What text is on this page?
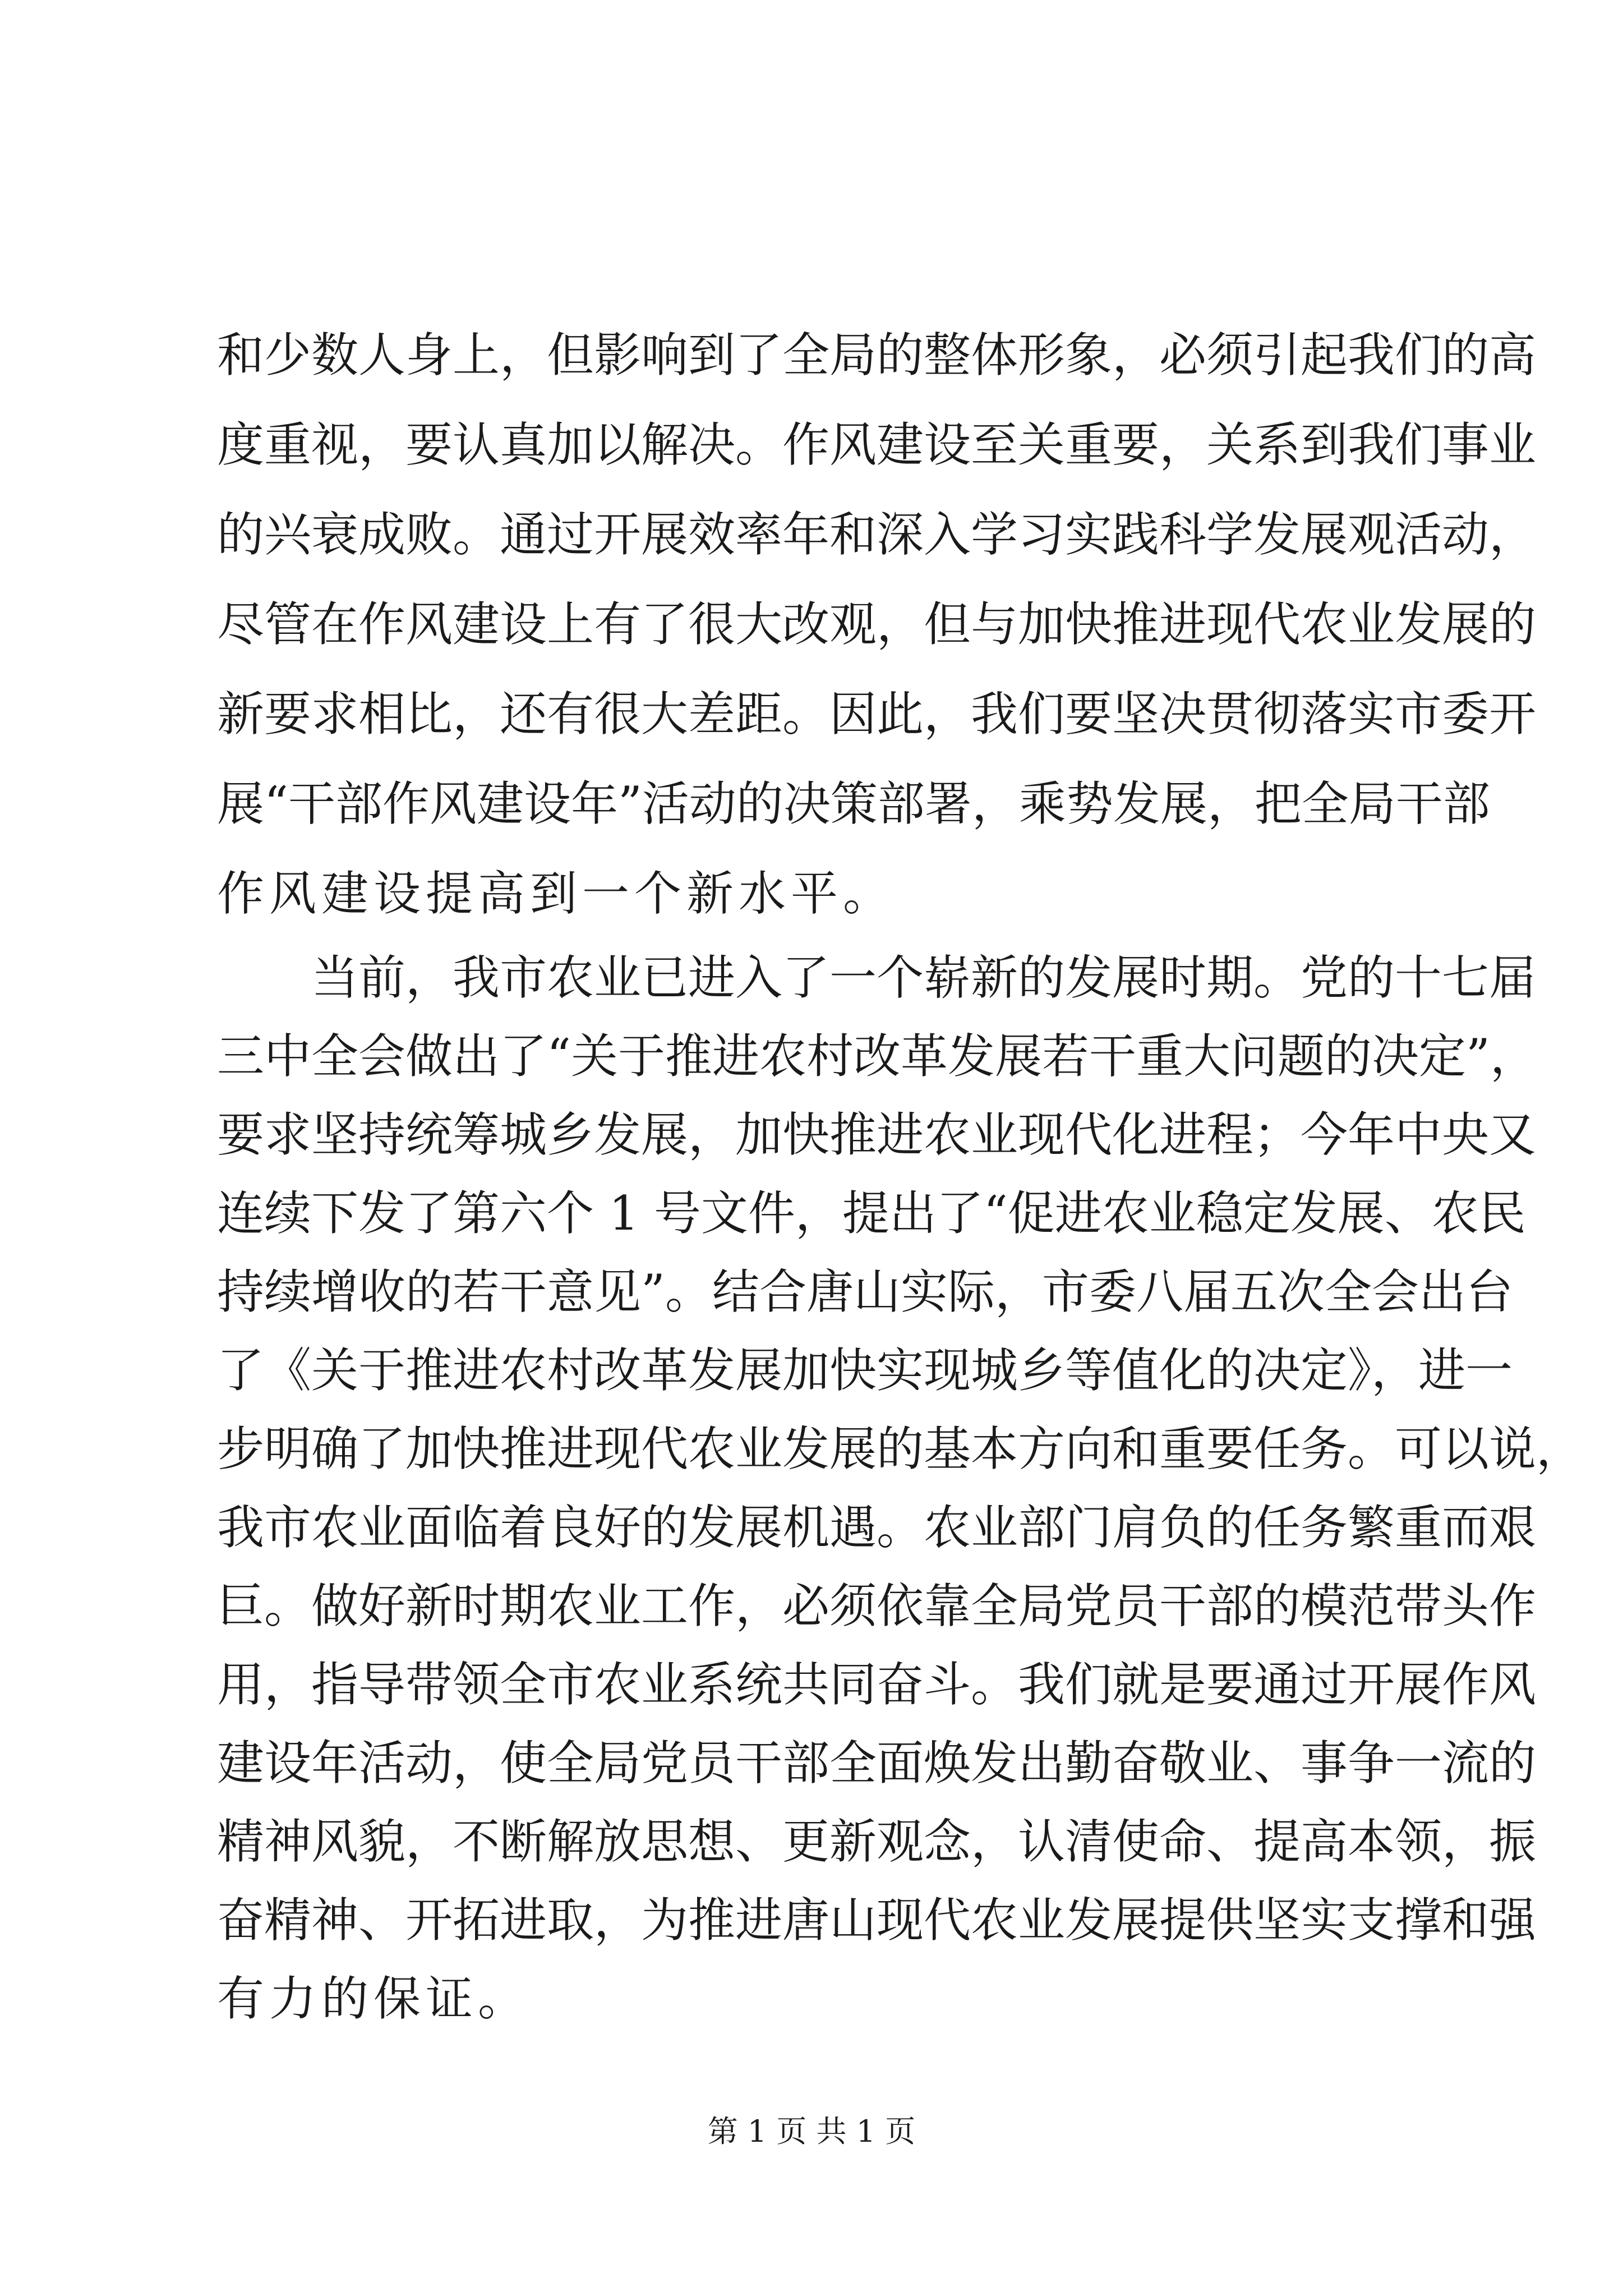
和少数人身上，但影响到了全局的整体形象，必须引起我们的高
度重视，要认真加以解决。作风建设至关重要，关系到我们事业
的兴衰成败。通过开展效率年和深入学习实践科学发展观活动，
尽管在作风建设上有了很大改观，但与加快推进现代农业发展的
新要求相比，还有很大差距。因此，我们要坚决贯彻落实市委开
展“干部作风建设年”活动的决策部署，乘势发展，把全局干部
作风建设提高到一个新水平。
当前，我市农业已进入了一个崭新的发展时期。党的十七届
三中全会做出了“关于推进农村改革发展若干重大问题的决定”，
要求坚持统筹城乡发展，加快推进农业现代化进程；今年中央又
连续下发了第六个 1 号文件，提出了“促进农业稳定发展、农民
持续增收的若干意见”。结合唐山实际，市委八届五次全会出台
了《关于推进农村改革发展加快实现城乡等值化的决定》，进一
步明确了加快推进现代农业发展的基本方向和重要任务。可以说，
我市农业面临着良好的发展机遇。农业部门肩负的任务繁重而艰
巨。做好新时期农业工作，必须依靠全局党员干部的模范带头作
用，指导带领全市农业系统共同奋斗。我们就是要通过开展作风
建设年活动，使全局党员干部全面焕发出勤奋敬业、事争一流的
精神风貌，不断解放思想、更新观念，认清使命、提高本领，振
奋精神、开拓进取，为推进唐山现代农业发展提供坚实支撑和强
有力的保证。
第 1 页 共 1 页
